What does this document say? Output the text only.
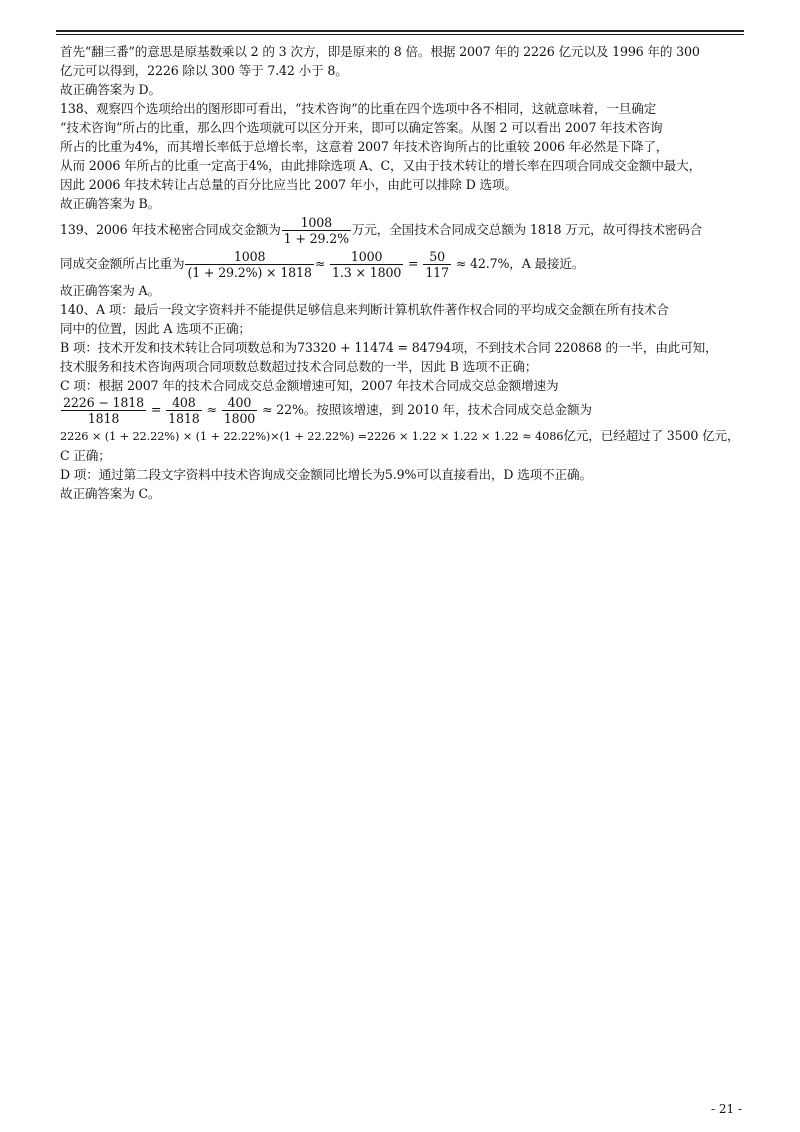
首先“翻三番”的意思是原基数乘以 2 的 3 次方，即是原来的 8 倍。根据 2007 年的 2226 亿元以及 1996 年的 300

亿元可以得到，2226 除以 300 等于 7.42 小于 8。

故正确答案为 D。

138、观察四个选项给出的图形即可看出，“技术咨询”的比重在四个选项中各不相同，这就意味着，一旦确定

“技术咨询”所占的比重，那么四个选项就可以区分开来，即可以确定答案。从图 2 可以看出 2007 年技术咨询

所占的比重为4%，而其增长率低于总增长率，这意着 2007 年技术咨询所占的比重较 2006 年必然是下降了，

从而 2006 年所占的比重一定高于4%，由此排除选项 A、C，又由于技术转让的增长率在四项合同成交金额中最大，

因此 2006 年技术转让占总量的百分比应当比 2007 年小，由此可以排除 D 选项。

故正确答案为 B。

139、2006 年技术秘密合同成交金额为 $\frac{1008}{1 + 29.2\%}$ 万元，全国技术合同成交总额为 1818 万元，故可得技术密码合

同成交金额所占比重为 $\frac{1008}{(1 + 29.2\%) \times 1818} \approx \frac{1000}{1.3 \times 1800} = \frac{50}{117} \approx 42.7\%$，A 最接近。

故正确答案为 A。

140、A 项：最后一段文字资料并不能提供足够信息来判断计算机软件著作权合同的平均成交金额在所有技术合

同中的位置，因此 A 选项不正确；

B 项：技术开发和技术转让合同项数总和为73320 + 11474 = 84794项，不到技术合同 220868 的一半，由此可知，

技术服务和技术咨询两项合同项数总数超过技术合同总数的一半，因此 B 选项不正确；

C 项：根据 2007 年的技术合同成交总金额增速可知，2007 年技术合同成交总金额增速为

$\frac{2226 - 1818}{1818} = \frac{408}{1818} \approx \frac{400}{1800} \approx 22\%$。按照该增速，到 2010 年，技术合同成交总金额为

2226 × (1 + 22.22%) × (1 + 22.22%)×(1 + 22.22%) =2226 × 1.22 × 1.22 × 1.22 ≈ 4086亿元，已经超过了 3500 亿元，

C 正确；

D 项：通过第二段文字资料中技术咨询成交金额同比增长为5.9%可以直接看出，D 选项不正确。

故正确答案为 C。

- 21 -
